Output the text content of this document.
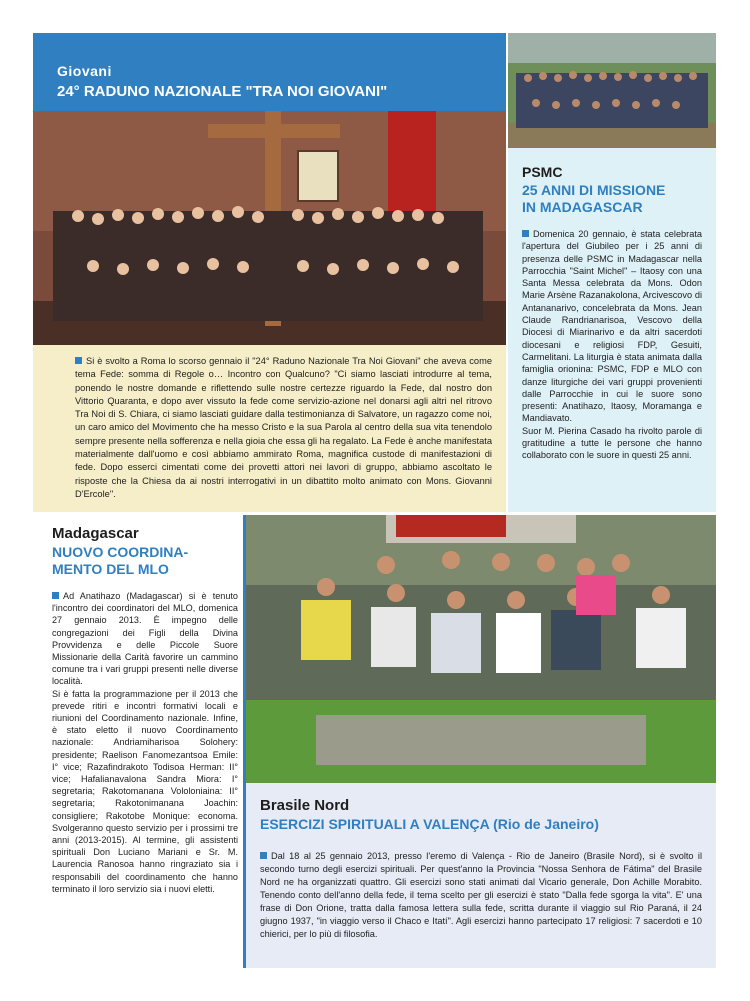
Giovani
24° RADUNO NAZIONALE "TRA NOI GIOVANI"

Si è svolto a Roma lo scorso gennaio il "24° Raduno Nazionale Tra Noi Giovani" che aveva come tema Fede: somma di Regole o… Incontro con Qualcuno? "Ci siamo lasciati introdurre al tema, ponendo le nostre domande e riflettendo sulle nostre certezze riguardo la Fede, dal nostro don Vittorio Quaranta, e dopo aver vissuto la fede come servizio-azione nel donarsi agli altri nel ritrovo Tra Noi di S. Chiara, ci siamo lasciati guidare dalla testimonianza di Salvatore, un ragazzo come noi, un caro amico del Movimento che ha messo Cristo e la sua Parola al centro della sua vita tenendolo sempre presente nella sofferenza e nella gioia che essa gli ha regalato. La Fede è anche manifestata materialmente dall'uomo e così abbiamo ammirato Roma, magnifica custode di manifestazioni di fede. Dopo esserci cimentati come dei provetti attori nei lavori di gruppo, abbiamo ascoltato le risposte che la Chiesa da ai nostri interrogativi in un dibattito molto animato con Mons. Giovanni D'Ercole".

PSMC
25 ANNI DI MISSIONE
IN MADAGASCAR

Domenica 20 gennaio, è stata celebrata l'apertura del Giubileo per i 25 anni di presenza delle PSMC in Madagascar nella Parrocchia "Saint Michel" – Itaosy con una Santa Messa celebrata da Mons. Odon Marie Arsène Razanakolona, Arcivescovo di Antananarivo, concelebrata da Mons. Jean Claude Randrianarisoa, Vescovo della Diocesi di Miarinarivo e da altri sacerdoti diocesani e religiosi FDP, Gesuiti, Carmelitani. La liturgia è stata animata dalla famiglia orionina: PSMC, FDP e MLO con danze liturgiche dei vari gruppi provenienti dalle Parrocchie in cui le suore sono presenti: Anatihazo, Itaosy, Moramanga e Mandiavato.

Suor M. Pierina Casado ha rivolto parole di gratitudine a tutte le persone che hanno collaborato con le suore in questi 25 anni.

Madagascar
NUOVO COORDINA-
MENTO DEL MLO

Ad Anatihazo (Madagascar) si è tenuto l'incontro dei coordinatori del MLO, domenica 27 gennaio 2013. È impegno delle congregazioni dei Figli della Divina Provvidenza e delle Piccole Suore Missionarie della Carità favorire un cammino comune tra i vari gruppi presenti nelle diverse località.

Si è fatta la programmazione per il 2013 che prevede ritiri e incontri formativi locali e riunioni del Coordinamento nazionale. Infine, è stato eletto il nuovo Coordinamento nazionale: Andriamiharisoa Solohery: presidente; Raelison Fanomezantsoa Emile: I° vice; Razafindrakoto Todisoa Herman: II° vice; Hafalianavalona Sandra Miora: I° segretaria; Rakotomanana Vololoniaina: II° segretaria; Rakotonimanana Joachin: consigliere; Rakotobe Monique: economa. Svolgeranno questo servizio per i prossimi tre anni (2013-2015). Al termine, gli assistenti spirituali Don Luciano Mariani e Sr. M. Laurencia Ranosoa hanno ringraziato sia i responsabili del coordinamento che hanno terminato il loro servizio sia i nuovi eletti.

Brasile Nord
ESERCIZI SPIRITUALI A VALENÇA (Rio de Janeiro)

Dal 18 al 25 gennaio 2013, presso l'eremo di Valença - Rio de Janeiro (Brasile Nord), si è svolto il secondo turno degli esercizi spirituali. Per quest'anno la Provincia "Nossa Senhora de Fátima" del Brasile Nord ne ha organizzati quattro. Gli esercizi sono stati animati dal Vicario generale, Don Achille Morabito. Tenendo conto dell'anno della fede, il tema scelto per gli esercizi è stato "Dalla fede sgorga la vita". E' una frase di Don Orione, tratta dalla famosa lettera sulla fede, scritta durante il viaggio sul Rio Paraná, il 24 giugno 1937, "in viaggio verso il Chaco e Itatí". Agli esercizi hanno partecipato 17 religiosi: 7 sacerdoti e 10 chierici, per lo più di filosofia.
